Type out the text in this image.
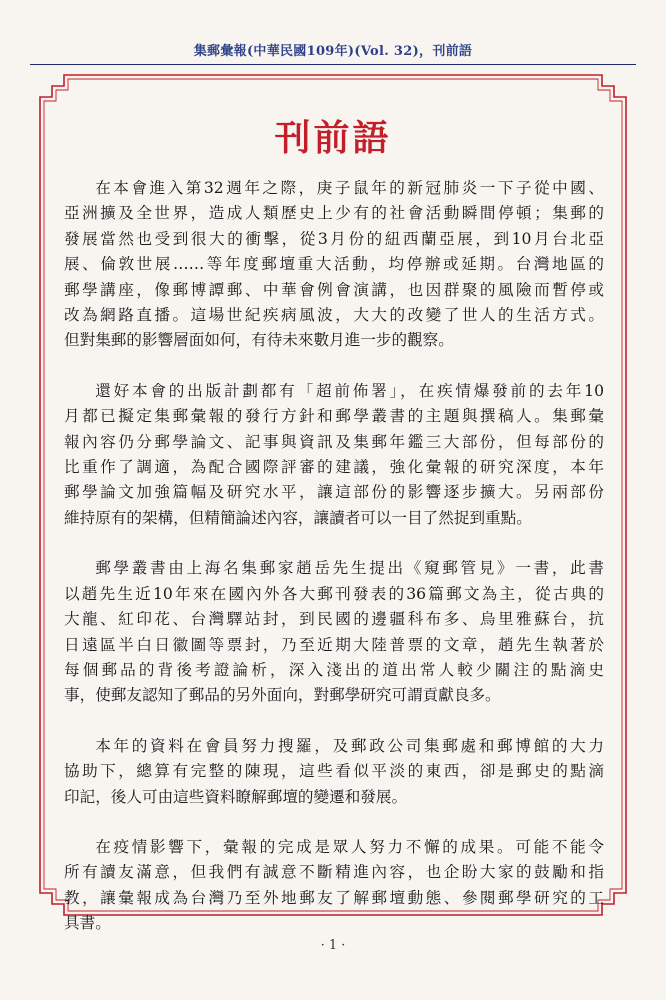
集郵彙報(中華民國109年)(Vol. 32)，刊前語
刊前語

在本會進入第32週年之際，庚子鼠年的新冠肺炎一下子從中國、
亞洲擴及全世界，造成人類歷史上少有的社會活動瞬間停頓；集郵的
發展當然也受到很大的衝擊，從3月份的紐西蘭亞展，到10月台北亞
展、倫敦世展……等年度郵壇重大活動，均停辦或延期。台灣地區的
郵學講座，像郵博譚郵、中華會例會演講，也因群聚的風險而暫停或
改為網路直播。這場世紀疾病風波，大大的改變了世人的生活方式。
但對集郵的影響層面如何，有待未來數月進一步的觀察。

還好本會的出版計劃都有「超前佈署」，在疾情爆發前的去年10
月都已擬定集郵彙報的發行方針和郵學叢書的主題與撰稿人。集郵彙
報內容仍分郵學論文、記事與資訊及集郵年鑑三大部份，但每部份的
比重作了調適，為配合國際評審的建議，強化彙報的研究深度，本年
郵學論文加強篇幅及研究水平，讓這部份的影響逐步擴大。另兩部份
維持原有的架構，但精簡論述內容，讓讀者可以一目了然捉到重點。

郵學叢書由上海名集郵家趙岳先生提出《窺郵管見》一書，此書
以趙先生近10年來在國內外各大郵刊發表的36篇郵文為主，從古典的
大龍、紅印花、台灣驛站封，到民國的邊疆科布多、烏里雅蘇台，抗
日遠區半白日徽圖等票封，乃至近期大陸普票的文章，趙先生執著於
每個郵品的背後考證論析，深入淺出的道出常人較少關注的點滴史
事，使郵友認知了郵品的另外面向，對郵學研究可謂貢獻良多。

本年的資料在會員努力搜羅，及郵政公司集郵處和郵博館的大力
協助下，總算有完整的陳現，這些看似平淡的東西，卻是郵史的點滴
印記，後人可由這些資料瞭解郵壇的變遷和發展。

在疫情影響下，彙報的完成是眾人努力不懈的成果。可能不能令
所有讀友滿意，但我們有誠意不斷精進內容，也企盼大家的鼓勵和指
教，讓彙報成為台灣乃至外地郵友了解郵壇動態、參閱郵學研究的工
具書。

· 1 ·
